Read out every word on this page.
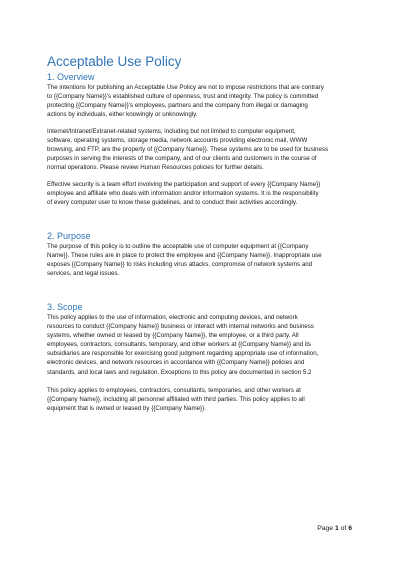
Acceptable Use Policy
1. Overview

The intentions for publishing an Acceptable Use Policy are not to impose restrictions that are contrary
to {{Company Name}}'s established culture of openness, trust and integrity. The policy is committed
protecting {{Company Name}}'s employees, partners and the company from illegal or damaging
actions by individuals, either knowingly or unknowingly.

Internet/Intranet/Extranet-related systems, including but not limited to computer equipment,
software, operating systems, storage media, network accounts providing electronic mail, WWW
browsing, and FTP, are the property of {{Company Name}}. These systems are to be used for business
purposes in serving the interests of the company, and of our clients and customers in the course of
normal operations. Please review Human Resources policies for further details.

Effective security is a team effort involving the participation and support of every {{Company Name}}
employee and affiliate who deals with information and/or information systems. It is the responsibility
of every computer user to know these guidelines, and to conduct their activities accordingly.

2. Purpose

The purpose of this policy is to outline the acceptable use of computer equipment at {{Company
Name}}. These rules are in place to protect the employee and {{Company Name}}. Inappropriate use
exposes {{Company Name}} to risks including virus attacks, compromise of network systems and
services, and legal issues.

3. Scope

This policy applies to the use of information, electronic and computing devices, and network
resources to conduct {{Company Name}} business or interact with internal networks and business
systems, whether owned or leased by {{Company Name}}, the employee, or a third party. All
employees, contractors, consultants, temporary, and other workers at {{Company Name}} and its
subsidiaries are responsible for exercising good judgment regarding appropriate use of information,
electronic devices, and network resources in accordance with {{Company Name}} policies and
standards, and local laws and regulation. Exceptions to this policy are documented in section 5.2

This policy applies to employees, contractors, consultants, temporaries, and other workers at
{{Company Name}}, including all personnel affiliated with third parties. This policy applies to all
equipment that is owned or leased by {{Company Name}}.

Page 1 of 6
